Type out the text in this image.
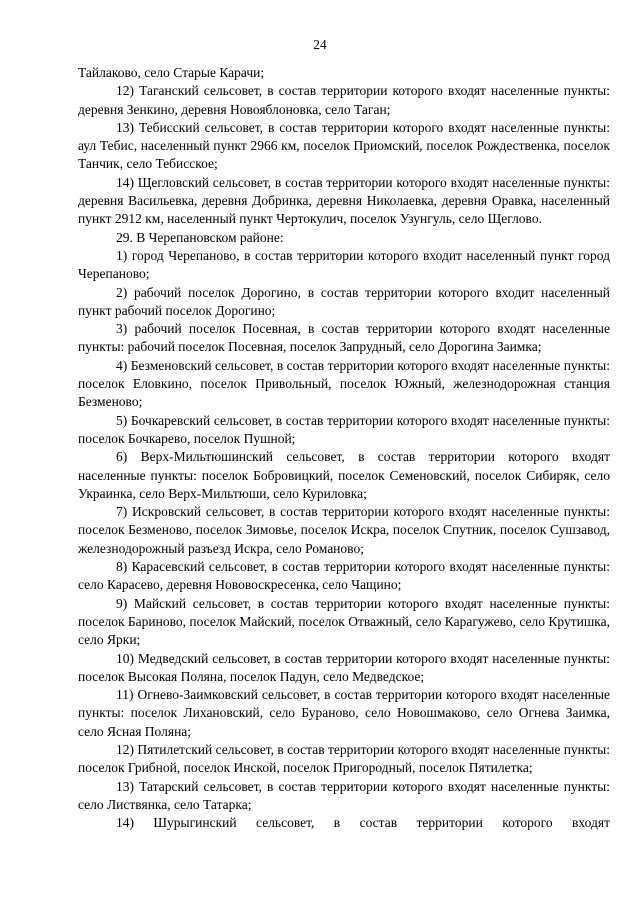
24

Тайлаково, село Старые Карачи;

12) Таганский сельсовет, в состав территории которого входят населенные пункты: деревня Зенкино, деревня Новояблоновка, село Таган;

13) Тебисский сельсовет, в состав территории которого входят населенные пункты: аул Тебис, населенный пункт 2966 км, поселок Приомский, поселок Рождественка, поселок Танчик, село Тебисское;

14) Щегловский сельсовет, в состав территории которого входят населенные пункты: деревня Васильевка, деревня Добринка, деревня Николаевка, деревня Оравка, населенный пункт 2912 км, населенный пункт Чертокулич, поселок Узунгуль, село Щеглово.

29. В Черепановском районе:

1) город Черепаново, в состав территории которого входит населенный пункт город Черепаново;

2) рабочий поселок Дорогино, в состав территории которого входит населенный пункт рабочий поселок Дорогино;

3) рабочий поселок Посевная, в состав территории которого входят населенные пункты: рабочий поселок Посевная, поселок Запрудный, село Дорогина Заимка;

4) Безменовский сельсовет, в состав территории которого входят населенные пункты: поселок Еловкино, поселок Привольный, поселок Южный, железнодорожная станция Безменово;

5) Бочкаревский сельсовет, в состав территории которого входят населенные пункты: поселок Бочкарево, поселок Пушной;

6) Верх-Мильтюшинский сельсовет, в состав территории которого входят населенные пункты: поселок Бобровицкий, поселок Семеновский, поселок Сибиряк, село Украинка, село Верх-Мильтюши, село Куриловка;

7) Искровский сельсовет, в состав территории которого входят населенные пункты: поселок Безменово, поселок Зимовье, поселок Искра, поселок Спутник, поселок Сушзавод, железнодорожный разъезд Искра, село Романово;

8) Карасевский сельсовет, в состав территории которого входят населенные пункты: село Карасево, деревня Нововоскресенка, село Чащино;

9) Майский сельсовет, в состав территории которого входят населенные пункты: поселок Бариново, поселок Майский, поселок Отважный, село Карагужево, село Крутишка, село Ярки;

10) Медведский сельсовет, в состав территории которого входят населенные пункты: поселок Высокая Поляна, поселок Падун, село Медведское;

11) Огнево-Заимковский сельсовет, в состав территории которого входят населенные пункты: поселок Лихановский, село Бураново, село Новошмаково, село Огнева Заимка, село Ясная Поляна;

12) Пятилетский сельсовет, в состав территории которого входят населенные пункты: поселок Грибной, поселок Инской, поселок Пригородный, поселок Пятилетка;

13) Татарский сельсовет, в состав территории которого входят населенные пункты: село Листвянка, село Татарка;

14) Шурыгинский сельсовет, в состав территории которого входят
